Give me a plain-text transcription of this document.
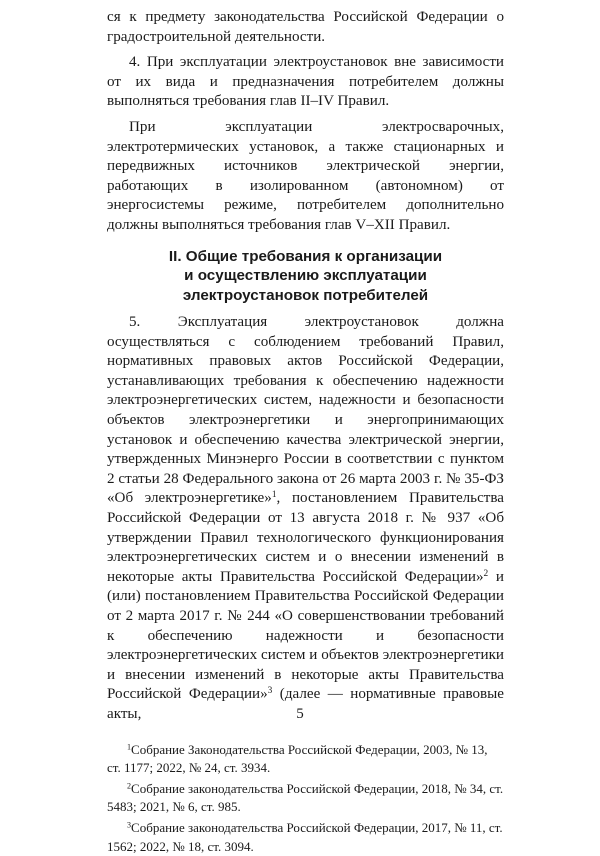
ся к предмету законодательства Российской Федерации о градостроительной деятельности.

4. При эксплуатации электроустановок вне зависимости от их вида и предназначения потребителем должны выполняться требования глав II–IV Правил.

При эксплуатации электросварочных, электротермических установок, а также стационарных и передвижных источников электрической энергии, работающих в изолированном (автономном) от энергосистемы режиме, потребителем дополнительно должны выполняться требования глав V–XII Правил.

II. Общие требования к организации
и осуществлению эксплуатации
электроустановок потребителей

5. Эксплуатация электроустановок должна осуществляться с соблюдением требований Правил, нормативных правовых актов Российской Федерации, устанавливающих требования к обеспечению надежности электроэнергетических систем, надежности и безопасности объектов электроэнергетики и энергопринимающих установок и обеспечению качества электрической энергии, утвержденных Минэнерго России в соответствии с пунктом 2 статьи 28 Федерального закона от 26 марта 2003 г. № 35-ФЗ «Об электроэнергетике»$^1$, постановлением Правительства Российской Федерации от 13 августа 2018 г. № 937 «Об утверждении Правил технологического функционирования электроэнергетических систем и о внесении изменений в некоторые акты Правительства Российской Федерации»$^2$ и (или) постановлением Правительства Российской Федерации от 2 марта 2017 г. № 244 «О совершенствовании требований к обеспечению надежности и безопасности электроэнергетических систем и объектов электроэнергетики и внесении изменений в некоторые акты Правительства Российской Федерации»$^3$ (далее — нормативные правовые акты,

$^1$Собрание Законодательства Российской Федерации, 2003, № 13, ст. 1177; 2022, № 24, ст. 3934.

$^2$Собрание законодательства Российской Федерации, 2018, № 34, ст. 5483; 2021, № 6, ст. 985.

$^3$Собрание законодательства Российской Федерации, 2017, № 11, ст. 1562; 2022, № 18, ст. 3094.

5
